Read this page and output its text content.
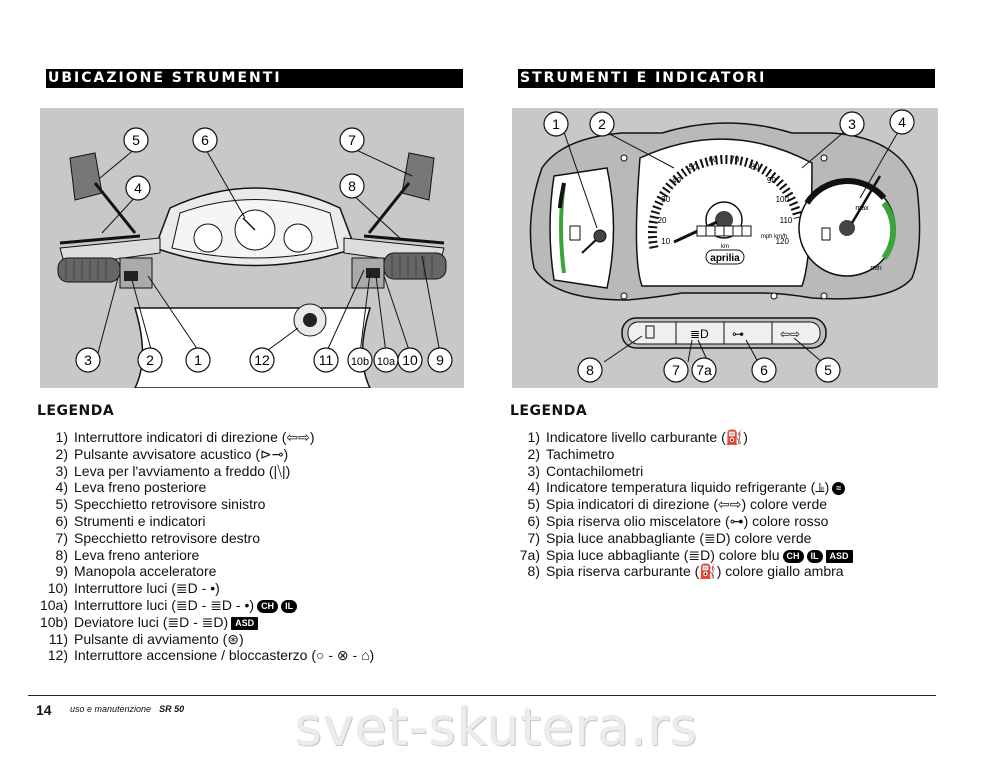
UBICAZIONE STRUMENTI	STRUMENTI E INDICATORI
5	6	7
4	8
3	2	1	12	11 10b 10a 10 9
≣D ⊶	⇦⇨
1	2	3	4
8	7 7a	6	5
10
20
30
40
50
60 70
80
90
100
110
120
mph km/h
km
aprilia
max
min
LEGENDA	LEGENDA
1) Interruttore indicatori di direzione (⇦⇨)
2) Pulsante avvisatore acustico (⊳⊸)
3) Leva per l'avviamento a freddo (|⧹|)
4) Leva freno posteriore
5) Specchietto retrovisore sinistro
6) Strumenti e indicatori
7) Specchietto retrovisore destro
8) Leva freno anteriore
9) Manopola acceleratore
10) Interruttore luci (≣D - •)
10a) Interruttore luci (≣D - ≣D - •) CH IL
10b) Deviatore luci (≣D - ≣D) ASD
11) Pulsante di avviamento (⊛)
12) Interruttore accensione / bloccasterzo (○ - ⊗ - ⌂)
1) Indicatore livello carburante (⛽)
2) Tachimetro
3) Contachilometri
4) Indicatore temperatura liquido refrigerante (⫡) ≈
5) Spia indicatori di direzione (⇦⇨) colore verde
6) Spia riserva olio miscelatore (⊶) colore rosso
7) Spia luce anabbagliante (≣D) colore verde
7a) Spia luce abbagliante (≣D) colore blu CH IL ASD
8) Spia riserva carburante (⛽) colore giallo ambra
14 uso e manutenzione SR 50	svet-skutera.rs
